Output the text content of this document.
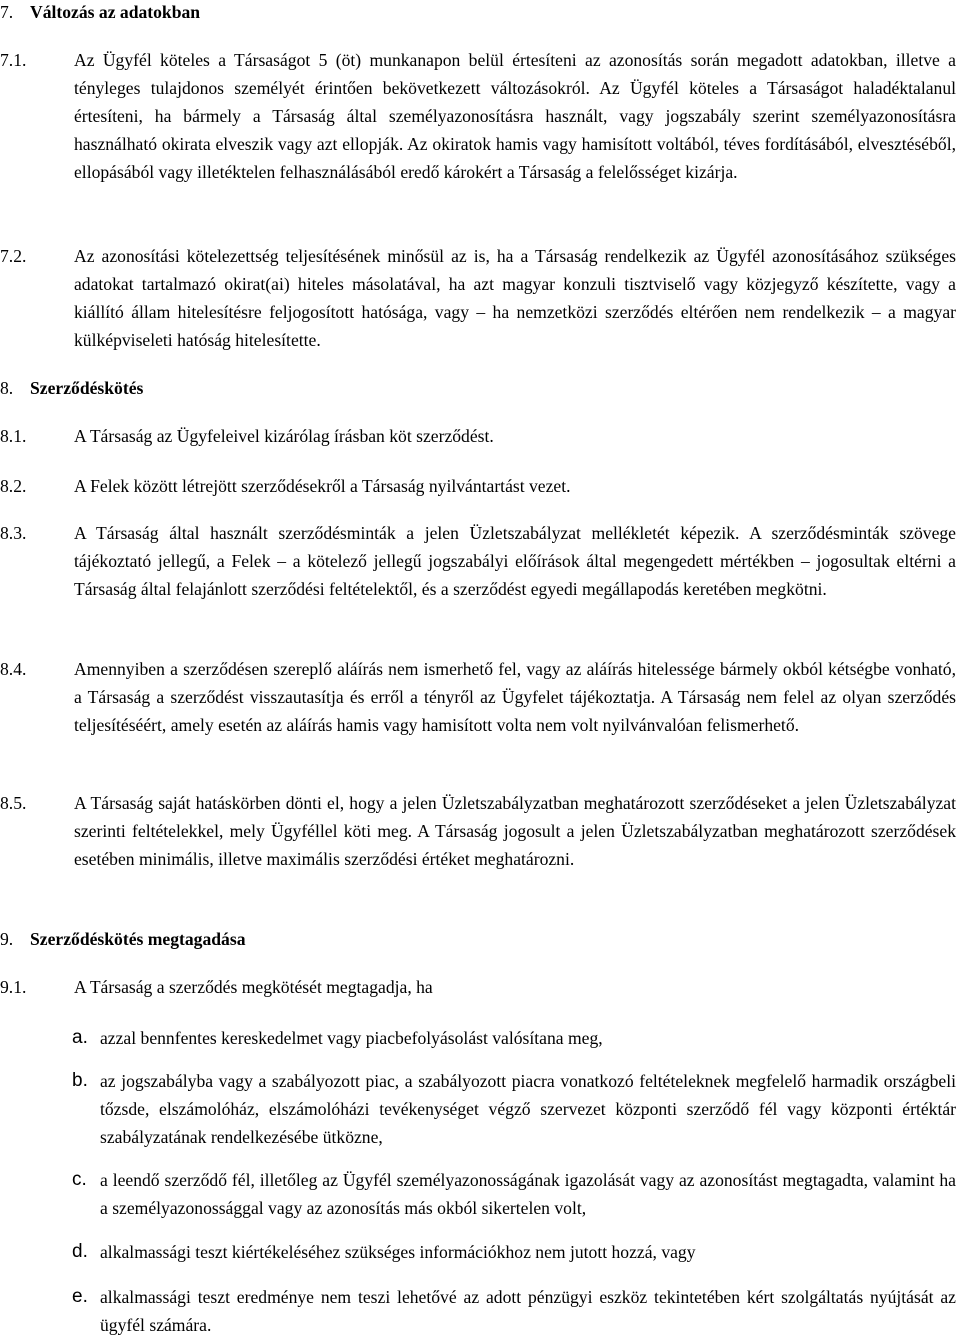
7. Változás az adatokban
7.1.	Az Ügyfél köteles a Társaságot 5 (öt) munkanapon belül értesíteni az azonosítás során megadott adatokban, illetve a tényleges tulajdonos személyét érintően bekövetkezett változásokról. Az Ügyfél köteles a Társaságot haladéktalanul értesíteni, ha bármely a Társaság által személyazonosításra használt, vagy jogszabály szerint személyazonosításra használható okirata elveszik vagy azt ellopják. Az okiratok hamis vagy hamisított voltából, téves fordításából, elvesztéséből, ellopásából vagy illetéktelen felhasználásából eredő károkért a Társaság a felelősséget kizárja.
7.2.	Az azonosítási kötelezettség teljesítésének minősül az is, ha a Társaság rendelkezik az Ügyfél azonosításához szükséges adatokat tartalmazó okirat(ai) hiteles másolatával, ha azt magyar konzuli tisztviselő vagy közjegyző készítette, vagy a kiállító állam hitelesítésre feljogosított hatósága, vagy – ha nemzetközi szerződés eltérően nem rendelkezik – a magyar külképviseleti hatóság hitelesítette.
8. Szerződéskötés
8.1.	A Társaság az Ügyfeleivel kizárólag írásban köt szerződést.
8.2.	A Felek között létrejött szerződésekről a Társaság nyilvántartást vezet.
8.3.	A Társaság által használt szerződésminták a jelen Üzletszabályzat mellékletét képezik. A szerződésminták szövege tájékoztató jellegű, a Felek – a kötelező jellegű jogszabályi előírások által megengedett mértékben – jogosultak eltérni a Társaság által felajánlott szerződési feltételektől, és a szerződést egyedi megállapodás keretében megkötni.
8.4.	Amennyiben a szerződésen szereplő aláírás nem ismerhető fel, vagy az aláírás hitelessége bármely okból kétségbe vonható, a Társaság a szerződést visszautasítja és erről a tényről az Ügyfelet tájékoztatja. A Társaság nem felel az olyan szerződés teljesítéséért, amely esetén az aláírás hamis vagy hamisított volta nem volt nyilvánvalóan felismerhető.
8.5.	A Társaság saját hatáskörben dönti el, hogy a jelen Üzletszabályzatban meghatározott szerződéseket a jelen Üzletszabályzat szerinti feltételekkel, mely Ügyféllel köti meg. A Társaság jogosult a jelen Üzletszabályzatban meghatározott szerződések esetében minimális, illetve maximális szerződési értéket meghatározni.
9. Szerződéskötés megtagadása
9.1.	A Társaság a szerződés megkötését megtagadja, ha
a. azzal bennfentes kereskedelmet vagy piacbefolyásolást valósítana meg,
b. az jogszabályba vagy a szabályozott piac, a szabályozott piacra vonatkozó feltételeknek megfelelő harmadik országbeli tőzsde, elszámolóház, elszámolóházi tevékenységet végző szervezet központi szerződő fél vagy központi értéktár szabályzatának rendelkezésébe ütközne,
c. a leendő szerződő fél, illetőleg az Ügyfél személyazonosságának igazolását vagy az azonosítást megtagadta, valamint ha a személyazonossággal vagy az azonosítás más okból sikertelen volt,
d. alkalmassági teszt kiértékeléséhez szükséges információkhoz nem jutott hozzá, vagy
e. alkalmassági teszt eredménye nem teszi lehetővé az adott pénzügyi eszköz tekintetében kért szolgáltatás nyújtását az ügyfél számára.
